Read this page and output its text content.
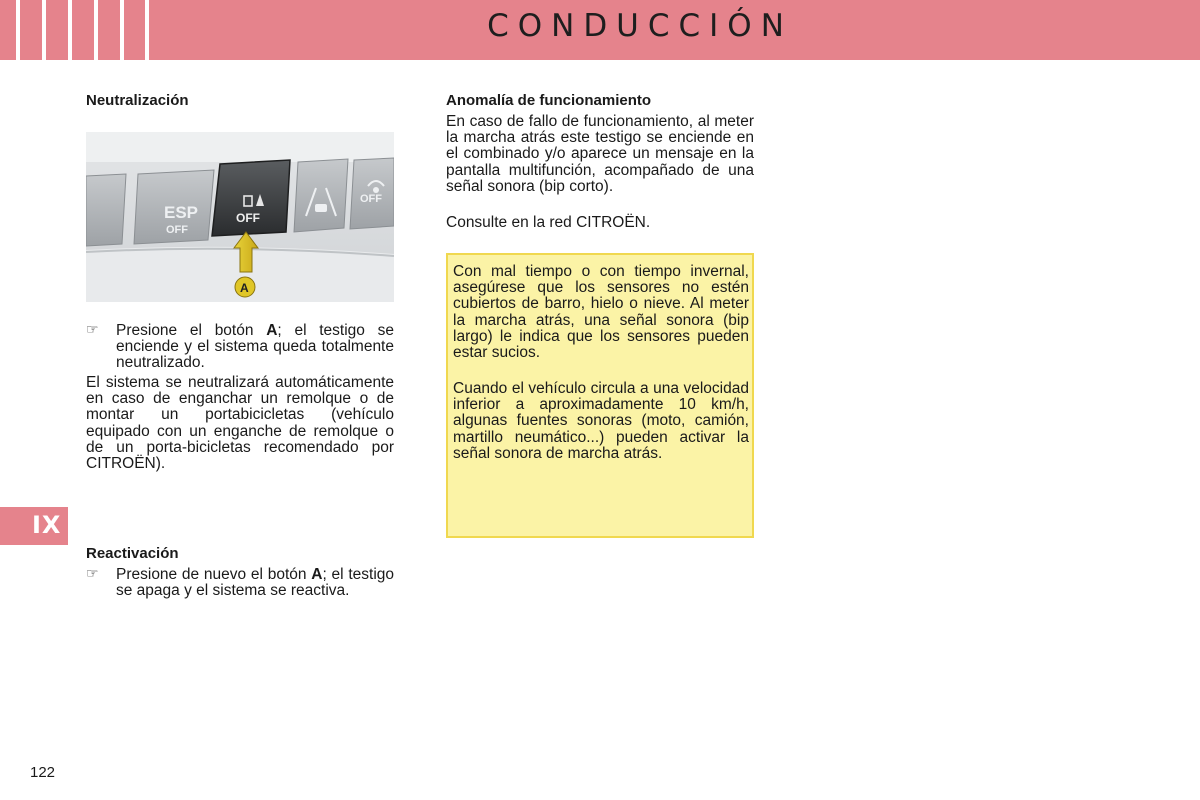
CONDUCCIÓN
IX
Neutralización
ESP
OFF
OFF
OFF
A
☞ Presione el botón A; el testigo se enciende y el sistema queda totalmente neutralizado.
El sistema se neutralizará automáticamente en caso de enganchar un remolque o de montar un portabicicletas (vehículo equipado con un enganche de remolque o de un porta-bicicletas recomendado por CITROËN).
Reactivación
☞ Presione de nuevo el botón A; el testigo se apaga y el sistema se reactiva.
Anomalía de funcionamiento
En caso de fallo de funcionamiento, al meter la marcha atrás este testigo se enciende en el combinado y/o aparece un mensaje en la pantalla multifunción, acompañado de una señal sonora (bip corto).
Consulte en la red CITROËN.
Con mal tiempo o con tiempo invernal, asegúrese que los sensores no estén cubiertos de barro, hielo o nieve. Al meter la marcha atrás, una señal sonora (bip largo) le indica que los sensores pueden estar sucios.
Cuando el vehículo circula a una velocidad inferior a aproximadamente 10 km/h, algunas fuentes sonoras (moto, camión, martillo neumático...) pueden activar la señal sonora de marcha atrás.
122
